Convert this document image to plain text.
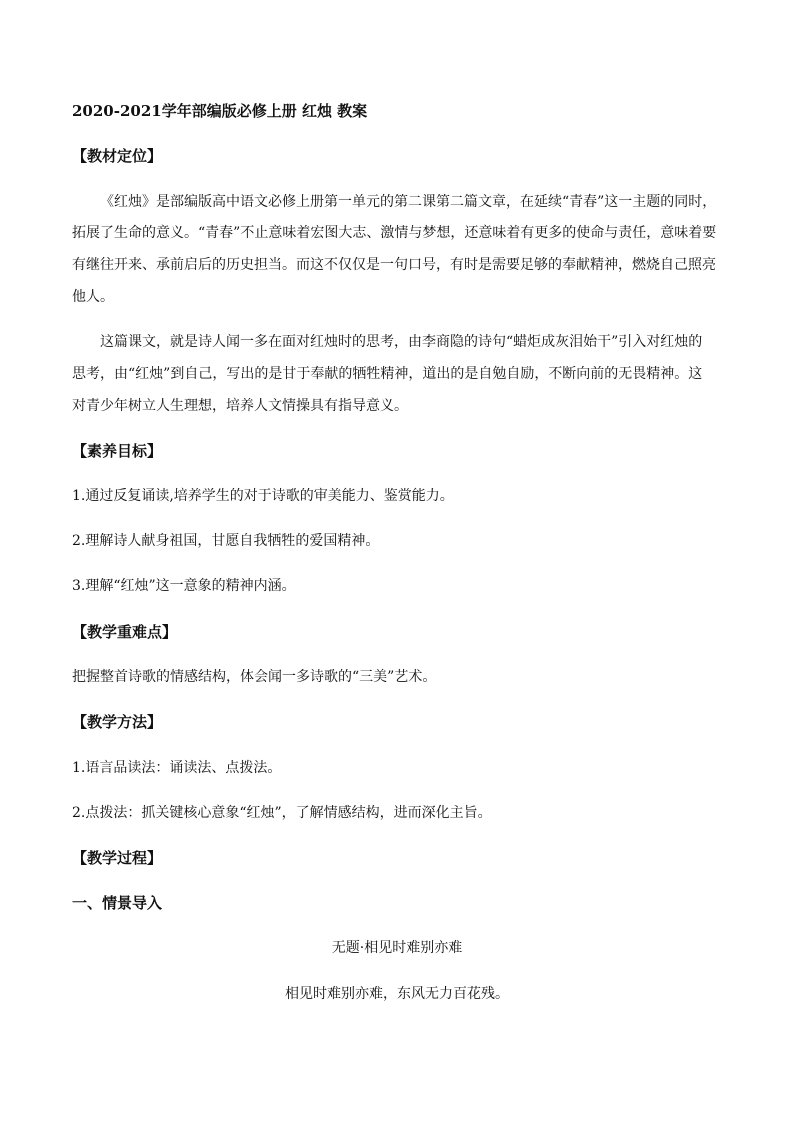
2020-2021学年部编版必修上册 红烛 教案
【教材定位】
《红烛》是部编版高中语文必修上册第一单元的第二课第二篇文章，在延续“青春”这一主题的同时，
拓展了生命的意义。“青春”不止意味着宏图大志、激情与梦想，还意味着有更多的使命与责任，意味着要
有继往开来、承前启后的历史担当。而这不仅仅是一句口号，有时是需要足够的奉献精神，燃烧自己照亮
他人。
这篇课文，就是诗人闻一多在面对红烛时的思考，由李商隐的诗句“蜡炬成灰泪始干”引入对红烛的
思考，由“红烛”到自己，写出的是甘于奉献的牺牲精神，道出的是自勉自励，不断向前的无畏精神。这
对青少年树立人生理想，培养人文情操具有指导意义。
【素养目标】
1.通过反复诵读,培养学生的对于诗歌的审美能力、鉴赏能力。
2.理解诗人献身祖国，甘愿自我牺牲的爱国精神。
3.理解“红烛”这一意象的精神内涵。
【教学重难点】
把握整首诗歌的情感结构，体会闻一多诗歌的“三美”艺术。
【教学方法】
1.语言品读法：诵读法、点拨法。
2.点拨法：抓关键核心意象“红烛”，了解情感结构，进而深化主旨。
【教学过程】
一、情景导入
无题·相见时难别亦难
相见时难别亦难，东风无力百花残。
